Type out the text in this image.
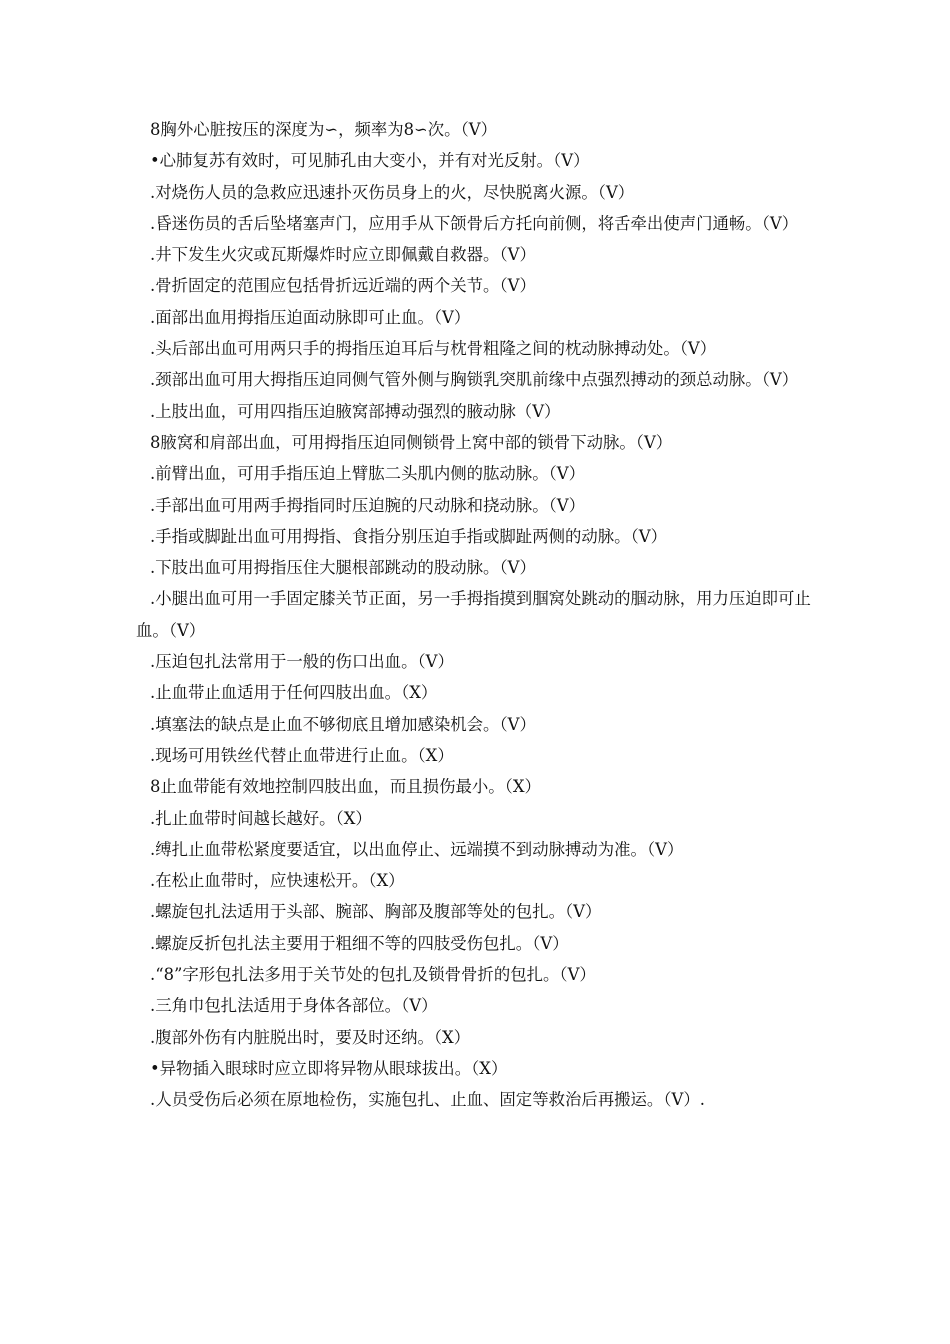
8胸外心脏按压的深度为∽，频率为8∽次。（V）
•心肺复苏有效时，可见肺孔由大变小，并有对光反射。（V）
.对烧伤人员的急救应迅速扑灭伤员身上的火，尽快脱离火源。（V）
.昏迷伤员的舌后坠堵塞声门，应用手从下颌骨后方托向前侧，将舌牵出使声门通畅。（V）
.井下发生火灾或瓦斯爆炸时应立即佩戴自救器。（V）
.骨折固定的范围应包括骨折远近端的两个关节。（V）
.面部出血用拇指压迫面动脉即可止血。（V）
.头后部出血可用两只手的拇指压迫耳后与枕骨粗隆之间的枕动脉搏动处。（V）
.颈部出血可用大拇指压迫同侧气管外侧与胸锁乳突肌前缘中点强烈搏动的颈总动脉。（V）
.上肢出血，可用四指压迫腋窝部搏动强烈的腋动脉（V）
8腋窝和肩部出血，可用拇指压迫同侧锁骨上窝中部的锁骨下动脉。（V）
.前臂出血，可用手指压迫上臂肱二头肌内侧的肱动脉。（V）
.手部出血可用两手拇指同时压迫腕的尺动脉和挠动脉。（V）
.手指或脚趾出血可用拇指、食指分别压迫手指或脚趾两侧的动脉。（V）
.下肢出血可用拇指压住大腿根部跳动的股动脉。（V）
.小腿出血可用一手固定膝关节正面，另一手拇指摸到腘窝处跳动的腘动脉，用力压迫即可止血。（V）
.压迫包扎法常用于一般的伤口出血。（V）
.止血带止血适用于任何四肢出血。（X）
.填塞法的缺点是止血不够彻底且增加感染机会。（V）
.现场可用铁丝代替止血带进行止血。（X）
8止血带能有效地控制四肢出血，而且损伤最小。（X）
.扎止血带时间越长越好。（X）
.缚扎止血带松紧度要适宜，以出血停止、远端摸不到动脉搏动为准。（V）
.在松止血带时，应快速松开。（X）
.螺旋包扎法适用于头部、腕部、胸部及腹部等处的包扎。（V）
.螺旋反折包扎法主要用于粗细不等的四肢受伤包扎。（V）
.“8”字形包扎法多用于关节处的包扎及锁骨骨折的包扎。（V）
.三角巾包扎法适用于身体各部位。（V）
.腹部外伤有内脏脱出时，要及时还纳。（X）
•异物插入眼球时应立即将异物从眼球拔出。（X）
.人员受伤后必须在原地检伤，实施包扎、止血、固定等救治后再搬运。（V）.
